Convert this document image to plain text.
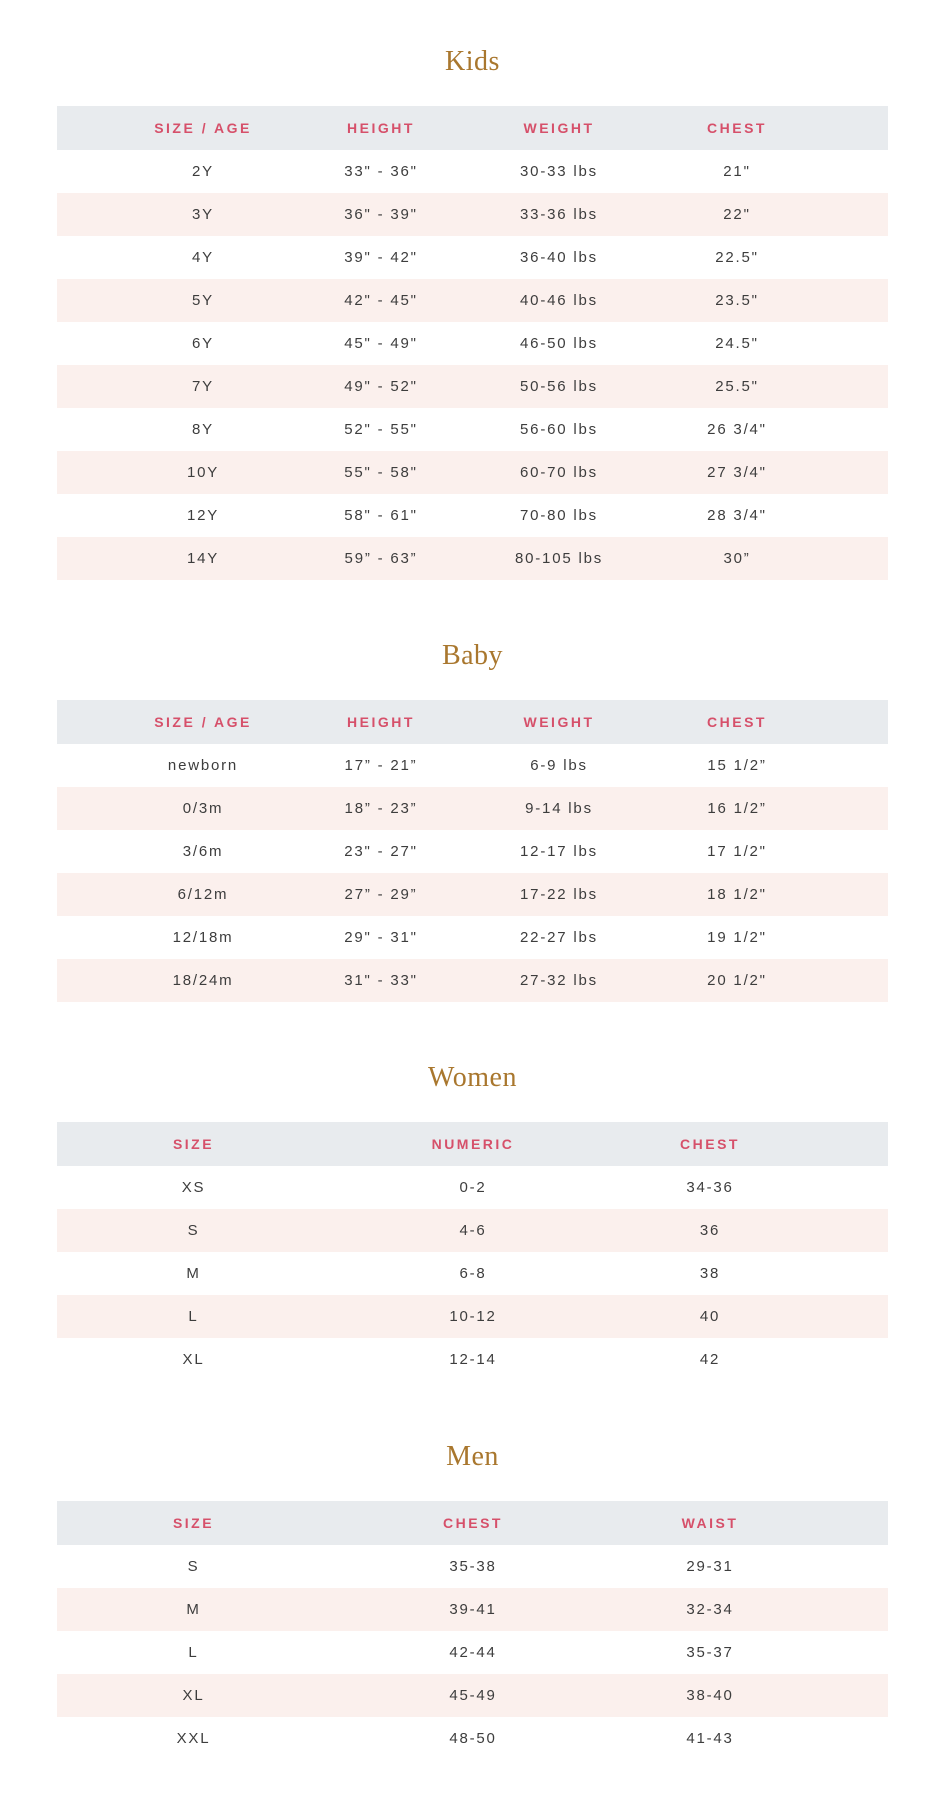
Kids
SIZE / AGE	HEIGHT	WEIGHT	CHEST
2Y	33" - 36"	30-33 lbs	21"
3Y	36" - 39"	33-36 lbs	22"
4Y	39" - 42"	36-40 lbs	22.5"
5Y	42" - 45"	40-46 lbs	23.5"
6Y	45" - 49"	46-50 lbs	24.5"
7Y	49" - 52"	50-56 lbs	25.5"
8Y	52" - 55"	56-60 lbs	26 3/4"
10Y	55" - 58"	60-70 lbs	27 3/4"
12Y	58" - 61"	70-80 lbs	28 3/4"
14Y	59” - 63”	80-105 lbs	30”
Baby
SIZE / AGE	HEIGHT	WEIGHT	CHEST
newborn	17” - 21”	6-9 lbs	15 1/2”
0/3m	18” - 23”	9-14 lbs	16 1/2”
3/6m	23" - 27"	12-17 lbs	17 1/2"
6/12m	27” - 29”	17-22 lbs	18 1/2"
12/18m	29" - 31"	22-27 lbs	19 1/2"
18/24m	31" - 33"	27-32 lbs	20 1/2"
Women
SIZE	NUMERIC	CHEST
XS	0-2	34-36
S	4-6	36
M	6-8	38
L	10-12	40
XL	12-14	42
Men
SIZE	CHEST	WAIST
S	35-38	29-31
M	39-41	32-34
L	42-44	35-37
XL	45-49	38-40
XXL	48-50	41-43
